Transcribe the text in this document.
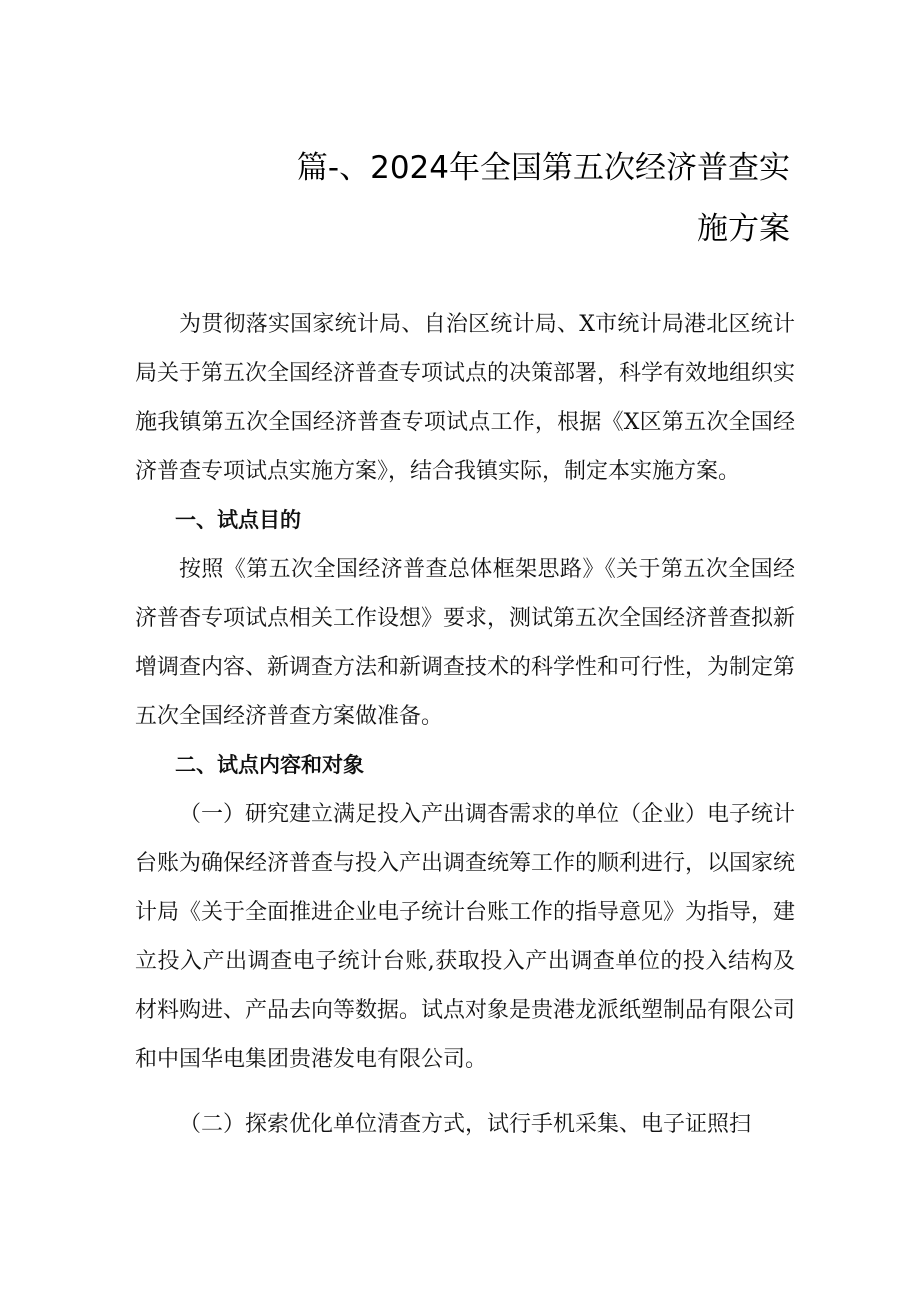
篇-、2024年全国第五次经济普查实
施方案

为贯彻落实国家统计局、自治区统计局、X市统计局港北区统计局关于第五次全国经济普查专项试点的决策部署，科学有效地组织实施我镇第五次全国经济普查专项试点工作，根据《X区第五次全国经济普查专项试点实施方案》，结合我镇实际，制定本实施方案。

一、试点目的

按照《第五次全国经济普查总体框架思路》《关于第五次全国经济普杳专项试点相关工作设想》要求，测试第五次全国经济普查拟新增调查内容、新调查方法和新调查技术的科学性和可行性，为制定第五次全国经济普查方案做准备。

二、试点内容和对象

（一）研究建立满足投入产出调杳需求的单位（企业）电子统计台账为确保经济普查与投入产出调查统筹工作的顺利进行，以国家统计局《关于全面推进企业电子统计台账工作的指导意见》为指导，建立投入产出调查电子统计台账,获取投入产出调查单位的投入结构及材料购进、产品去向等数据。试点对象是贵港龙派纸塑制品有限公司和中国华电集团贵港发电有限公司。

（二）探索优化单位清查方式，试行手机采集、电子证照扫
